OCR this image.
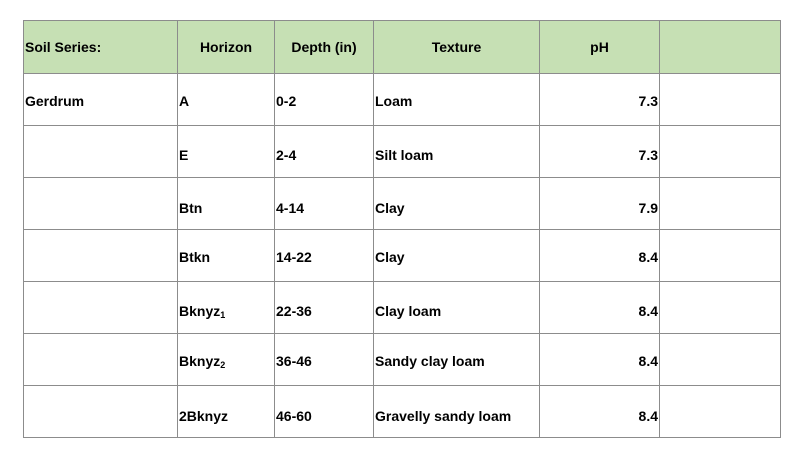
Soil Series:	Horizon	Depth (in)	Texture	pH	
Gerdrum	A	0-2	Loam	7.3	
	E	2-4	Silt loam	7.3	
	Btn	4-14	Clay	7.9	
	Btkn	14-22	Clay	8.4	
	Bknyz$_1$	22-36	Clay loam	8.4	
	Bknyz$_2$	36-46	Sandy clay loam	8.4	
	2Bknyz	46-60	Gravelly sandy loam	8.4	
